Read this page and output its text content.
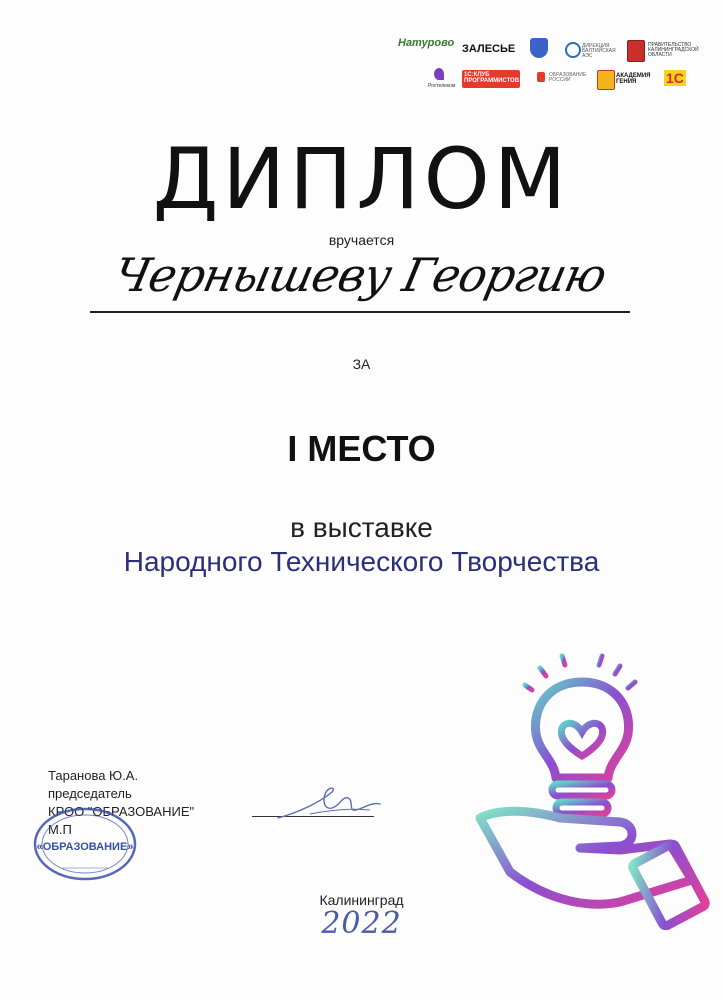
Натурово ЗАЛЕСЬЕ	ДИРЕКЦИЯ БАЛТИЙСКАЯ АЭС
ПРАВИТЕЛЬСТВО КАЛИНИНГРАДСКОЙ ОБЛАСТИ
Ростелеком
1С:КЛУБ ПРОГРАММИСТОВ
ОБРАЗОВАНИЕ РОССИИ
АКАДЕМИЯ ГЕНИЯ	1С
ДИПЛОМ
вручается
Чернышеву Георгию
ЗА
I МЕСТО
в выставке
Народного Технического Творчества
Таранова Ю.А.
председатель
КРОО "ОБРАЗОВАНИЕ"
М.П
«ОБРАЗОВАНИЕ»
Калининград
2022
